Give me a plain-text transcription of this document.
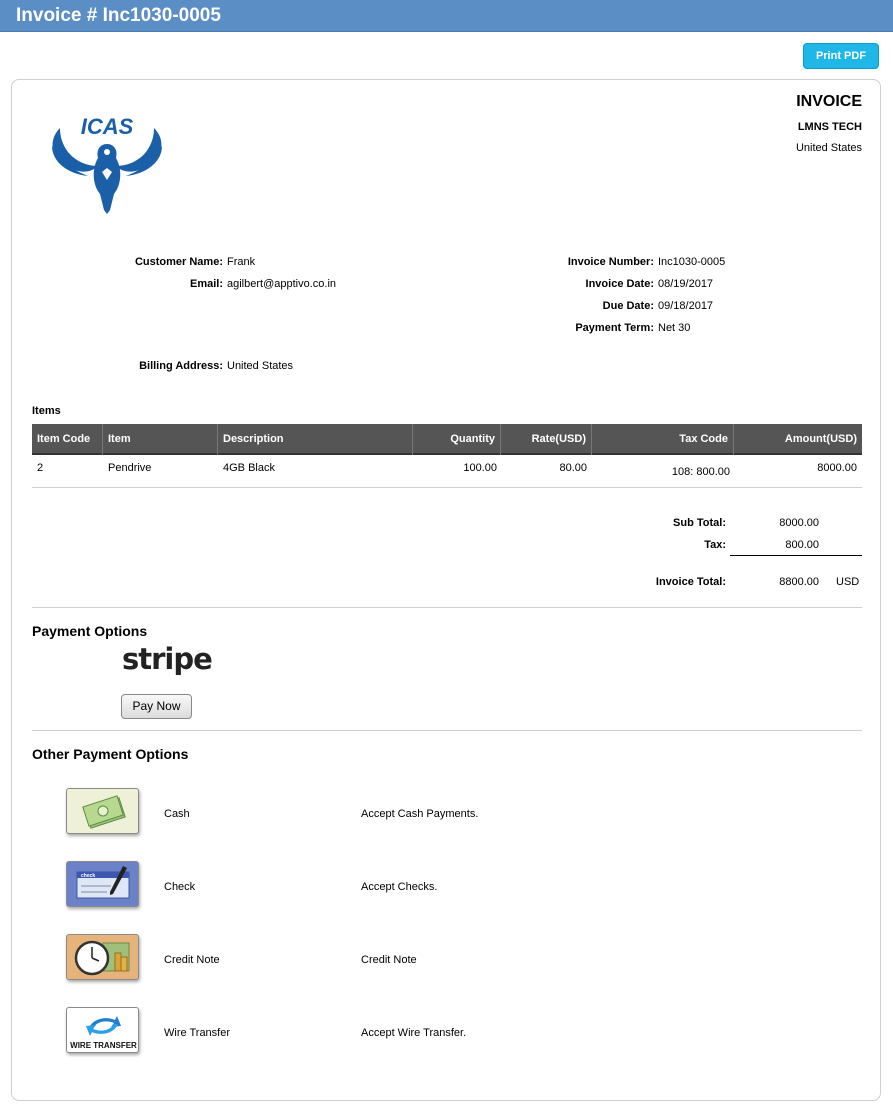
Invoice # Inc1030-0005
Print PDF
ICAS
INVOICE
LMNS TECH
United States
Customer Name: Frank
Email: agilbert@apptivo.co.in
Billing Address: United States
Invoice Number: Inc1030-0005
Invoice Date: 08/19/2017
Due Date: 09/18/2017
Payment Term: Net 30
Items
Item Code	Item	Description	Quantity	Rate(USD)	Tax Code	Amount(USD)
2	Pendrive	4GB Black	100.00	80.00	108: 800.00	8000.00
Sub Total:	8000.00
Tax:	800.00
Invoice Total:	8800.00 USD
Payment Options
stripe
Pay Now
Other Payment Options
Cash	Accept Cash Payments.
check
Check	Accept Checks.
Credit Note	Credit Note
WIRE TRANSFER
Wire Transfer	Accept Wire Transfer.
